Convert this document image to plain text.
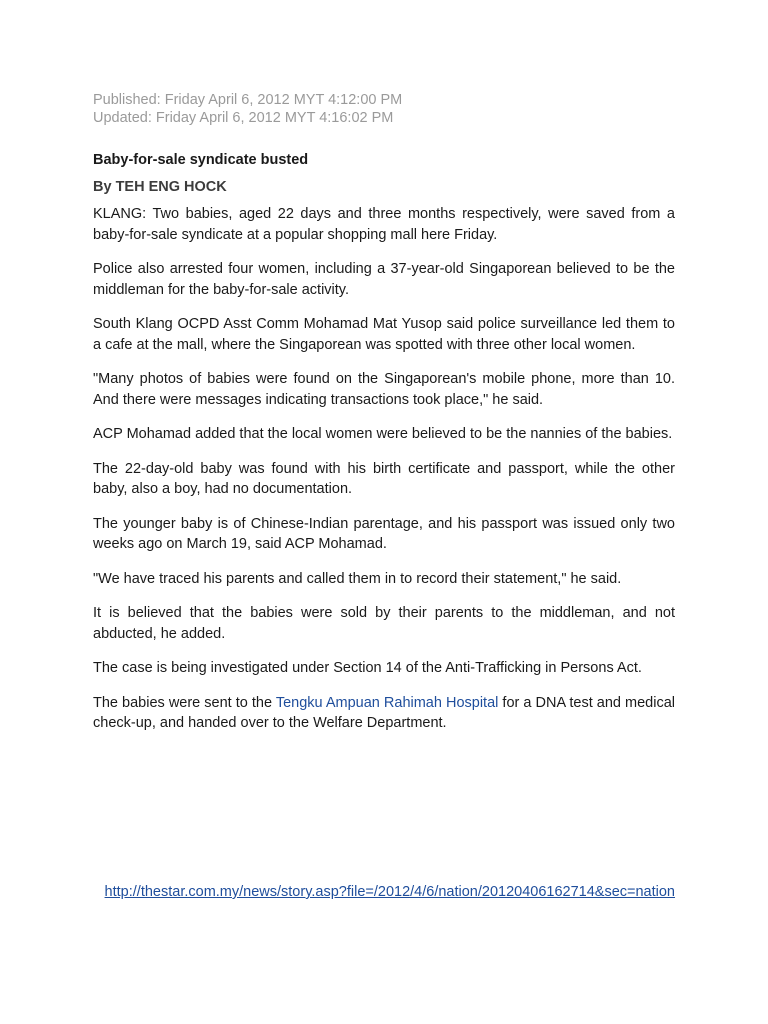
Published: Friday April 6, 2012 MYT 4:12:00 PM
Updated: Friday April 6, 2012 MYT 4:16:02 PM
Baby-for-sale syndicate busted
By TEH ENG HOCK

KLANG: Two babies, aged 22 days and three months respectively, were saved from a baby-for-sale syndicate at a popular shopping mall here Friday.

Police also arrested four women, including a 37-year-old Singaporean believed to be the middleman for the baby-for-sale activity.

South Klang OCPD Asst Comm Mohamad Mat Yusop said police surveillance led them to a cafe at the mall, where the Singaporean was spotted with three other local women.

"Many photos of babies were found on the Singaporean's mobile phone, more than 10. And there were messages indicating transactions took place," he said.

ACP Mohamad added that the local women were believed to be the nannies of the babies.

The 22-day-old baby was found with his birth certificate and passport, while the other baby, also a boy, had no documentation.

The younger baby is of Chinese-Indian parentage, and his passport was issued only two weeks ago on March 19, said ACP Mohamad.

"We have traced his parents and called them in to record their statement," he said.

It is believed that the babies were sold by their parents to the middleman, and not abducted, he added.

The case is being investigated under Section 14 of the Anti-Trafficking in Persons Act.

The babies were sent to the Tengku Ampuan Rahimah Hospital for a DNA test and medical check-up, and handed over to the Welfare Department.

http://thestar.com.my/news/story.asp?file=/2012/4/6/nation/20120406162714&sec=nation
